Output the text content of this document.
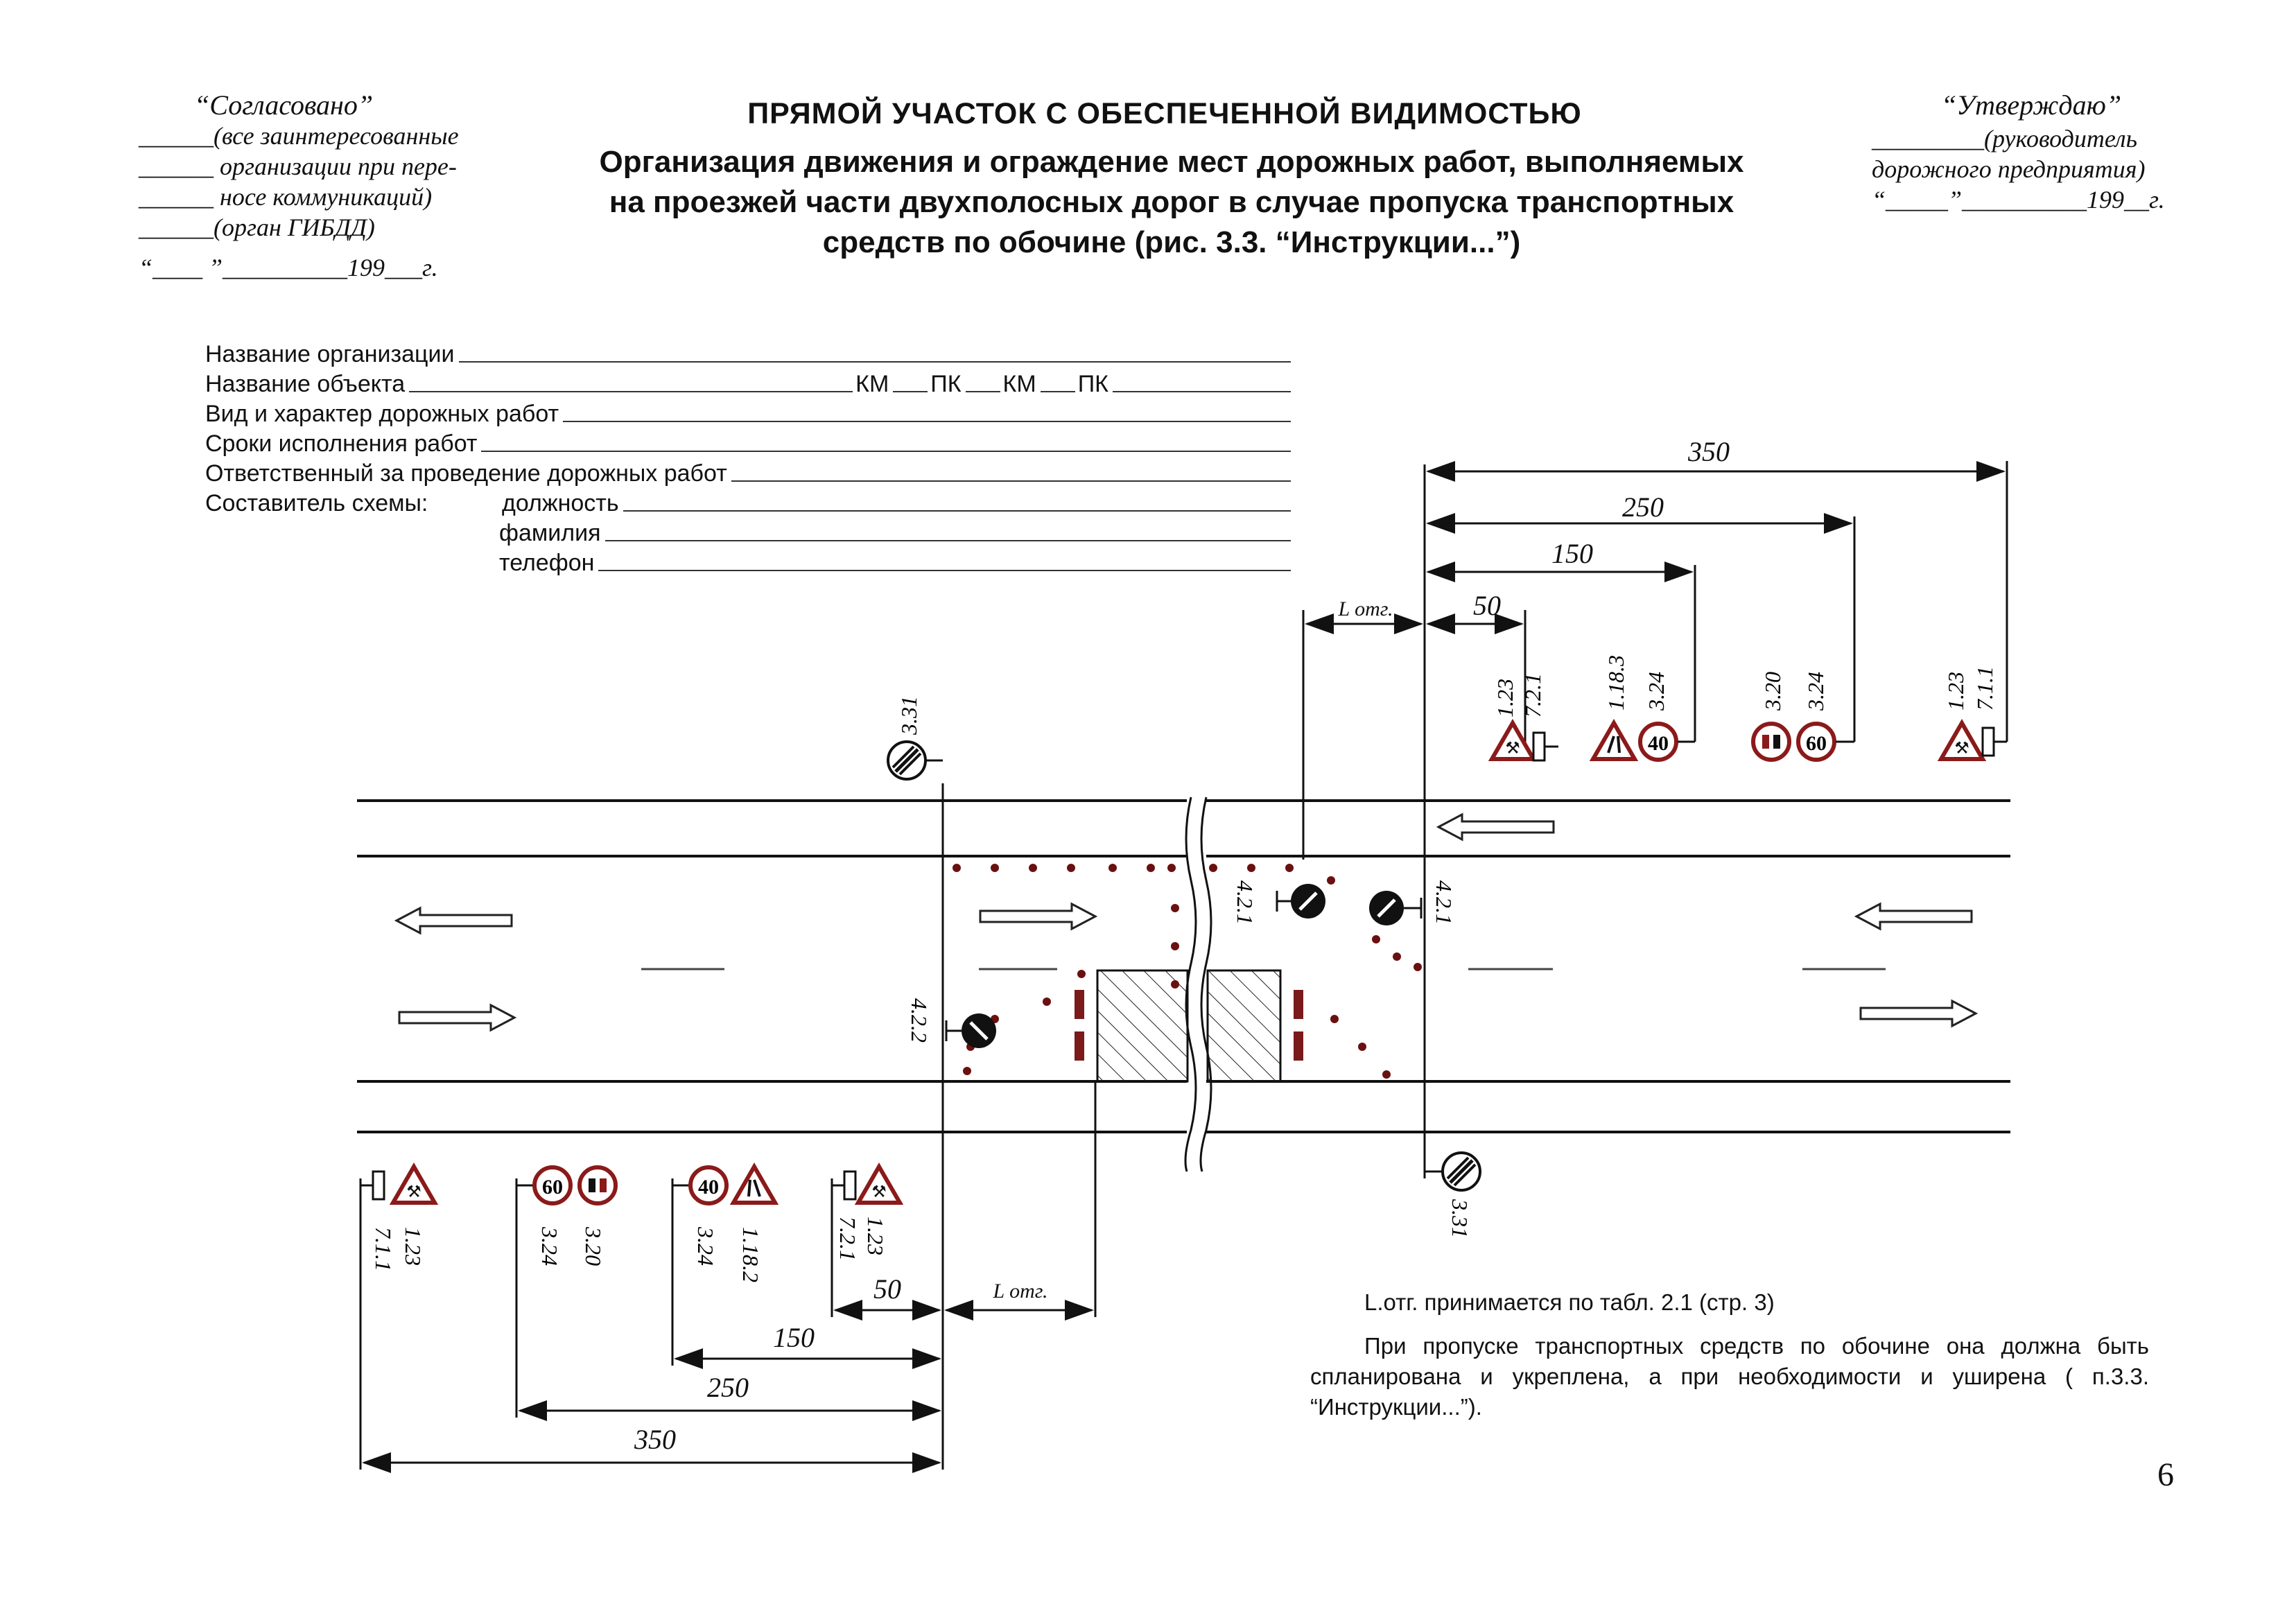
“Согласовано”
______(все заинтересованные
______ организации при пере-
______ носе коммуникаций)
______(орган ГИБДД)
“____ ”__________199___г.
“Утверждаю”
_________(руководитель
дорожного предприятия)
“_____”__________199__г.
ПРЯМОЙ УЧАСТОК С ОБЕСПЕЧЕННОЙ ВИДИМОСТЬЮ
Организация движения и ограждение мест дорожных работ, выполняемых
на проезжей части двухполосных дорог в случае пропуска транспортных
средств по обочине (рис. 3.3. “Инструкции...”)
Название организации
Название объекта	КМ ПК КМ ПК
Вид и характер дорожных работ
Сроки исполнения работ
Ответственный за проведение дорожных работ
Составитель схемы:	должность
фамилия
телефон
350
250
150
50
L отг.
350
250
150
50	L отг.
3.31
⚒
1.23 7.2.1
40
1.18.3 3.24
60
3.20 3.24
⚒
1.23 7.1.1
4.2.1	4.2.1
4.2.2
3.31
⚒
1.23
7.1.1
60
3.20
3.24
40
1.18.2
3.24
⚒
1.23
7.2.1
L.отг. принимается по табл. 2.1 (стр. 3)
При пропуске транспортных средств по обочине она должна быть спланирована и укреплена, а при необходимости и уширена ( п.3.3. “Инструкции...”).
6
